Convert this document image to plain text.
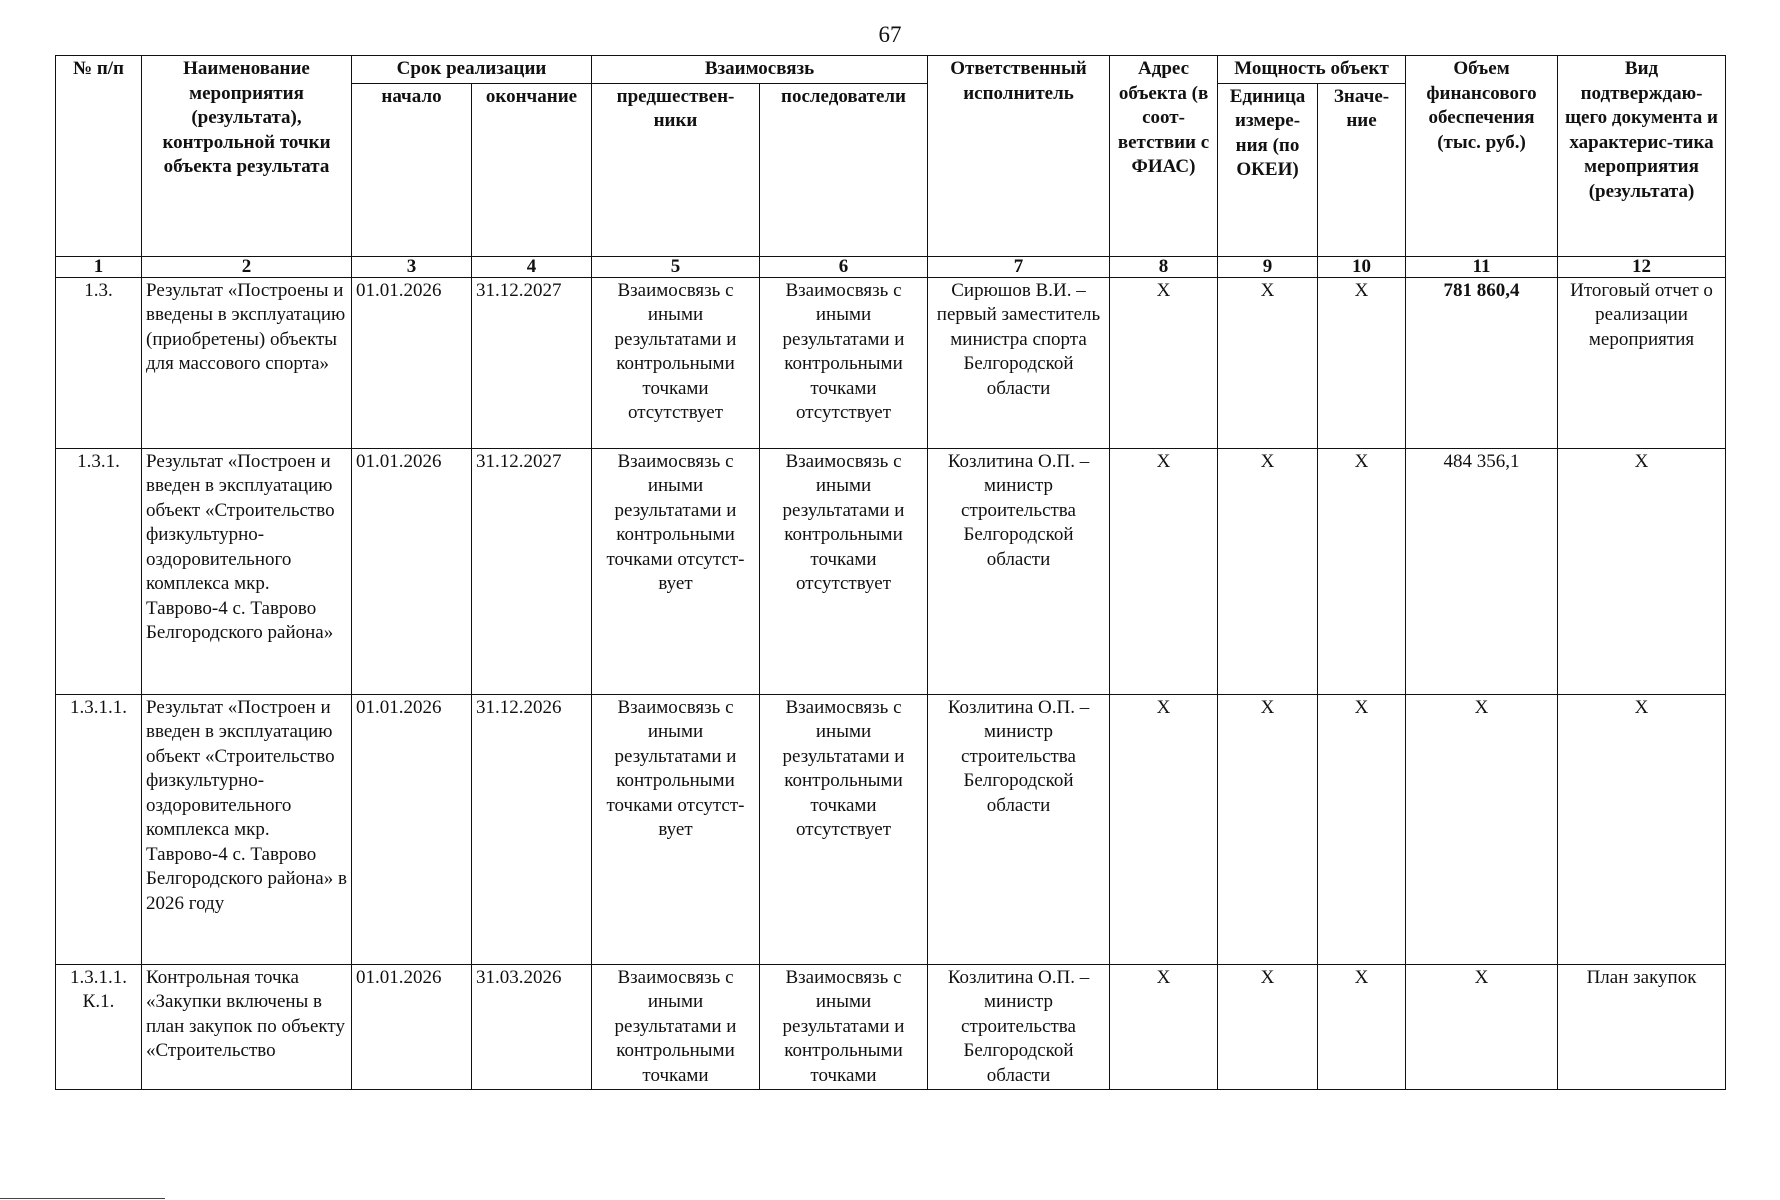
67
№ п/п	Наименование мероприятия (результата), контрольной точки объекта результата	Срок реализации		Взаимосвязь		Ответственный исполнитель	Адрес объекта (в соот-ветствии с ФИАС)	Мощность объект		Объем финансового обеспечения (тыс. руб.)	Вид подтверждаю-щего документа и характерис-тика мероприятия (результата)
		начало	окончание	предшествен-ники	последователи			Единица измере-ния (по ОКЕИ)	Значе-ние		
1	2	3	4	5	6	7	8	9	10	11	12
1.3.	Результат «Построены и введены в эксплуатацию (приобретены) объекты для массового спорта»	01.01.2026	31.12.2027	Взаимосвязь с иными результатами и контрольными точками отсутствует	Взаимосвязь с иными результатами и контрольными точками отсутствует	Сирюшов В.И. – первый заместитель министра спорта Белгородской области	X	X	X	781 860,4	Итоговый отчет о реализации мероприятия
1.3.1.	Результат «Построен и введен в эксплуатацию объект «Строительство физкультурно-оздоровительного комплекса мкр. Таврово-4 с. Таврово Белгородского района»	01.01.2026	31.12.2027	Взаимосвязь с иными результатами и контрольными точками отсутст-вует	Взаимосвязь с иными результатами и контрольными точками отсутствует	Козлитина О.П. – министр строительства Белгородской области	X	X	X	484 356,1	X
1.3.1.1.	Результат «Построен и введен в эксплуатацию объект «Строительство физкультурно-оздоровительного комплекса мкр. Таврово-4 с. Таврово Белгородского района» в 2026 году	01.01.2026	31.12.2026	Взаимосвязь с иными результатами и контрольными точками отсутст-вует	Взаимосвязь с иными результатами и контрольными точками отсутствует	Козлитина О.П. – министр строительства Белгородской области	X	X	X	X	X
1.3.1.1. К.1.	Контрольная точка «Закупки включены в план закупок по объекту «Строительство	01.01.2026	31.03.2026	Взаимосвязь с иными результатами и контрольными точками	Взаимосвязь с иными результатами и контрольными точками	Козлитина О.П. – министр строительства Белгородской области	X	X	X	X	План закупок
